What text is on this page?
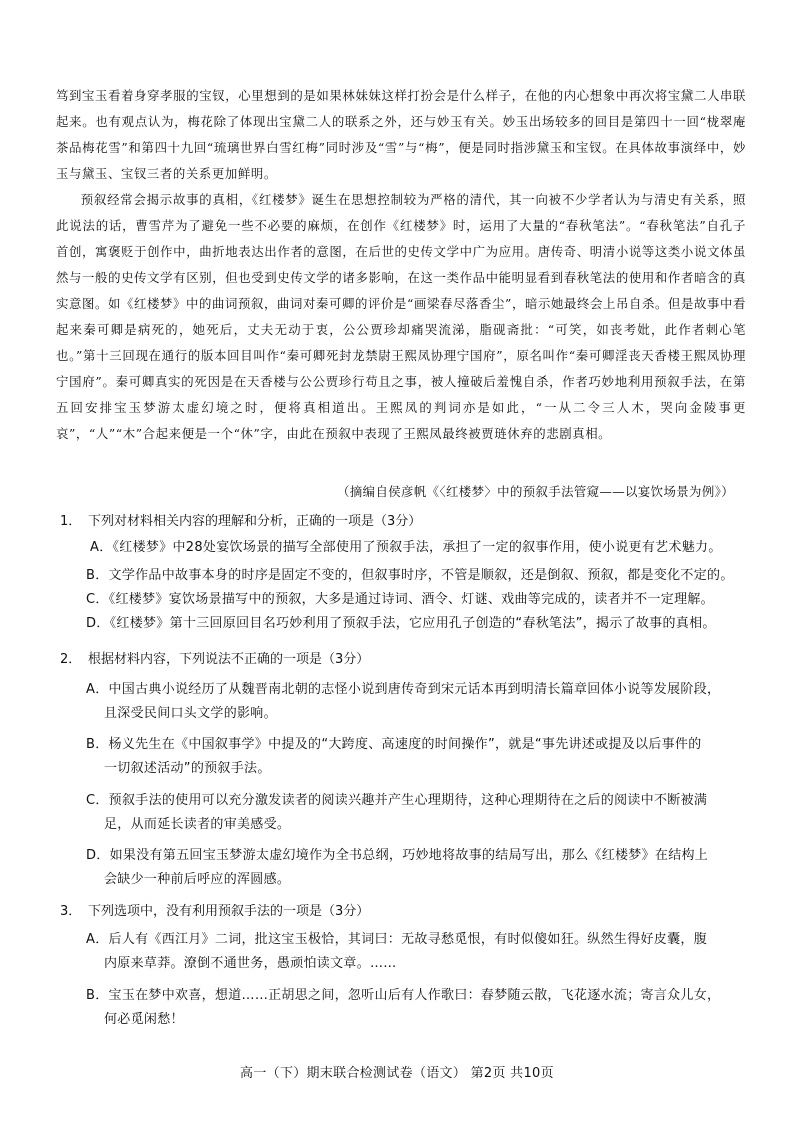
笃到宝玉看着身穿孝服的宝钗，心里想到的是如果林妹妹这样打扮会是什么样子，在他的内心想象中再次将宝黛二人串联起来。也有观点认为，梅花除了体现出宝黛二人的联系之外，还与妙玉有关。妙玉出场较多的回目是第四十一回“栊翠庵茶品梅花雪”和第四十九回“琉璃世界白雪红梅”同时涉及“雪”与“梅”，便是同时指涉黛玉和宝钗。在具体故事演绎中，妙玉与黛玉、宝钗三者的关系更加鲜明。

预叙经常会揭示故事的真相，《红楼梦》诞生在思想控制较为严格的清代，其一向被不少学者认为与清史有关系，照此说法的话，曹雪芹为了避免一些不必要的麻烦，在创作《红楼梦》时，运用了大量的“春秋笔法”。“春秋笔法”自孔子首创，寓褒贬于创作中，曲折地表达出作者的意图，在后世的史传文学中广为应用。唐传奇、明清小说等这类小说文体虽然与一般的史传文学有区别，但也受到史传文学的诸多影响，在这一类作品中能明显看到春秋笔法的使用和作者暗含的真实意图。如《红楼梦》中的曲词预叙，曲词对秦可卿的评价是“画梁春尽落香尘”，暗示她最终会上吊自杀。但是故事中看起来秦可卿是病死的，她死后，丈夫无动于衷，公公贾珍却痛哭流涕，脂砚斋批：“可笑，如丧考妣，此作者刺心笔也。”第十三回现在通行的版本回目叫作“秦可卿死封龙禁尉王熙凤协理宁国府”，原名叫作“秦可卿淫丧天香楼王熙凤协理宁国府”。秦可卿真实的死因是在天香楼与公公贾珍行苟且之事，被人撞破后羞愧自杀，作者巧妙地利用预叙手法，在第五回安排宝玉梦游太虚幻境之时，便将真相道出。王熙凤的判词亦是如此，“一从二令三人木，哭向金陵事更哀”，“人”“木”合起来便是一个“休”字，由此在预叙中表现了王熙凤最终被贾琏休弃的悲剧真相。

（摘编自侯彦帆《〈红楼梦〉中的预叙手法管窥——以宴饮场景为例》）
1． 下列对材料相关内容的理解和分析，正确的一项是（3分）
A．《红楼梦》中28处宴饮场景的描写全部使用了预叙手法，承担了一定的叙事作用，使小说更有艺术魅力。
B．文学作品中故事本身的时序是固定不变的，但叙事时序，不管是顺叙，还是倒叙、预叙，都是变化不定的。
C．《红楼梦》宴饮场景描写中的预叙，大多是通过诗词、酒令、灯谜、戏曲等完成的，读者并不一定理解。
D．《红楼梦》第十三回原回目名巧妙利用了预叙手法，它应用孔子创造的“春秋笔法”，揭示了故事的真相。
2． 根据材料内容，下列说法不正确的一项是（3分）
A．中国古典小说经历了从魏晋南北朝的志怪小说到唐传奇到宋元话本再到明清长篇章回体小说等发展阶段，
且深受民间口头文学的影响。
B．杨义先生在《中国叙事学》中提及的“大跨度、高速度的时间操作”，就是“事先讲述或提及以后事件的
一切叙述活动”的预叙手法。
C．预叙手法的使用可以充分激发读者的阅读兴趣并产生心理期待，这种心理期待在之后的阅读中不断被满
足，从而延长读者的审美感受。
D．如果没有第五回宝玉梦游太虚幻境作为全书总纲，巧妙地将故事的结局写出，那么《红楼梦》在结构上
会缺少一种前后呼应的浑圆感。
3． 下列选项中，没有利用预叙手法的一项是（3分）
A．后人有《西江月》二词，批这宝玉极恰，其词曰：无故寻愁觅恨，有时似傻如狂。纵然生得好皮囊，腹
内原来草莽。潦倒不通世务，愚顽怕读文章。……
B．宝玉在梦中欢喜，想道……正胡思之间，忽听山后有人作歌曰：春梦随云散，飞花逐水流；寄言众儿女，
何必觅闲愁！
高一（下）期末联合检测试卷（语文） 第2页 共10页
